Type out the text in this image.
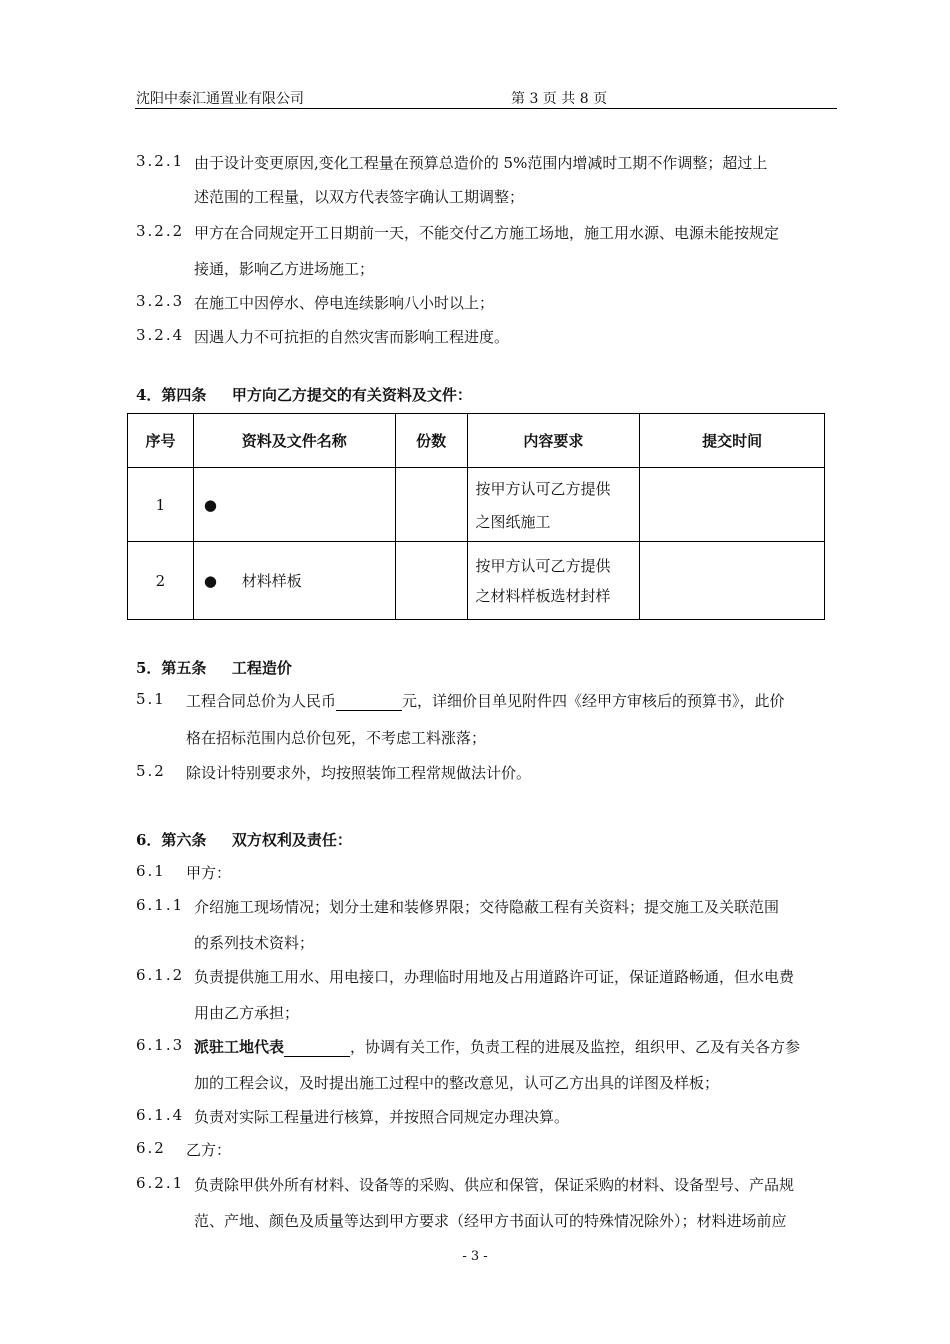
沈阳中泰汇通置业有限公司	第 3 页 共 8 页
3.2.1 由于设计变更原因,变化工程量在预算总造价的 5%范围内增减时工期不作调整；超过上
述范围的工程量，以双方代表签字确认工期调整；
3.2.2 甲方在合同规定开工日期前一天，不能交付乙方施工场地，施工用水源、电源未能按规定
接通，影响乙方进场施工；
3.2.3 在施工中因停水、停电连续影响八小时以上；
3.2.4 因遇人力不可抗拒的自然灾害而影响工程进度。
4．第四条 　 甲方向乙方提交的有关资料及文件：
序号	资料及文件名称	份数	内容要求	提交时间
1	●		按甲方认可乙方提供
之图纸施工	

2	● 材料样板		按甲方认可乙方提供
之材料样板选材封样	

5．第五条 　 工程造价
5.1 工程合同总价为人民币	元，详细价目单见附件四《经甲方审核后的预算书》，此价
格在招标范围内总价包死，不考虑工料涨落；
5.2 除设计特别要求外，均按照装饰工程常规做法计价。
6．第六条 　 双方权利及责任：
6.1 甲方：
6.1.1 介绍施工现场情况；划分土建和装修界限；交待隐蔽工程有关资料；提交施工及关联范围
的系列技术资料；
6.1.2 负责提供施工用水、用电接口，办理临时用地及占用道路许可证，保证道路畅通，但水电费
用由乙方承担；
6.1.3 派驻工地代表	，协调有关工作，负责工程的进展及监控，组织甲、乙及有关各方参
加的工程会议，及时提出施工过程中的整改意见，认可乙方出具的详图及样板；
6.1.4 负责对实际工程量进行核算，并按照合同规定办理决算。
6.2 乙方：
6.2.1 负责除甲供外所有材料、设备等的采购、供应和保管，保证采购的材料、设备型号、产品规
范、产地、颜色及质量等达到甲方要求（经甲方书面认可的特殊情况除外）；材料进场前应
- 3 -
